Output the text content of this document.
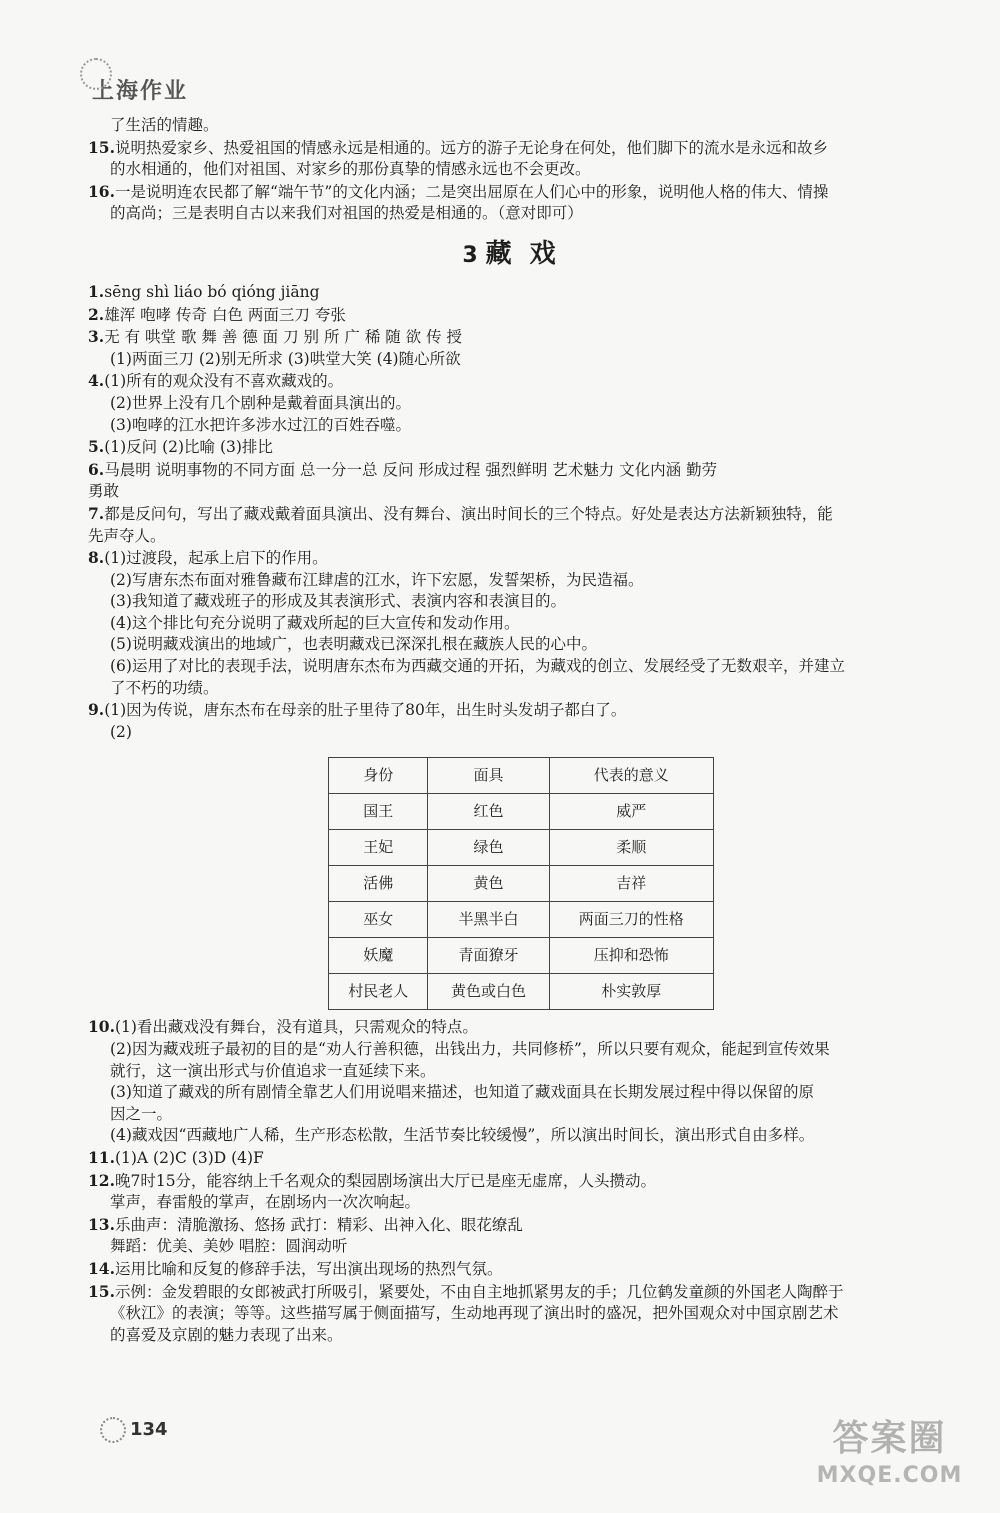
上海作业
了生活的情趣。
15.说明热爱家乡、热爱祖国的情感永远是相通的。远方的游子无论身在何处，他们脚下的流水是永远和故乡
的水相通的，他们对祖国、对家乡的那份真挚的情感永远也不会更改。
16.一是说明连农民都了解“端午节”的文化内涵；二是突出屈原在人们心中的形象，说明他人格的伟大、情操
的高尚；三是表明自古以来我们对祖国的热爱是相通的。（意对即可）
3 藏戏
1.sēng shì liáo bó qióng jiāng
2.雄浑 咆哮 传奇 白色 两面三刀 夸张
3.无 有 哄堂 歌 舞 善 德 面 刀 别 所 广 稀 随 欲 传 授
(1)两面三刀 (2)别无所求 (3)哄堂大笑 (4)随心所欲
4.(1)所有的观众没有不喜欢藏戏的。
(2)世界上没有几个剧种是戴着面具演出的。
(3)咆哮的江水把许多涉水过江的百姓吞噬。
5.(1)反问 (2)比喻 (3)排比
6.马晨明 说明事物的不同方面 总一分一总 反问 形成过程 强烈鲜明 艺术魅力 文化内涵 勤劳
勇敢
7.都是反问句，写出了藏戏戴着面具演出、没有舞台、演出时间长的三个特点。好处是表达方法新颖独特，能
先声夺人。
8.(1)过渡段，起承上启下的作用。
(2)写唐东杰布面对雅鲁藏布江肆虐的江水，许下宏愿，发誓架桥，为民造福。
(3)我知道了藏戏班子的形成及其表演形式、表演内容和表演目的。
(4)这个排比句充分说明了藏戏所起的巨大宣传和发动作用。
(5)说明藏戏演出的地域广，也表明藏戏已深深扎根在藏族人民的心中。
(6)运用了对比的表现手法，说明唐东杰布为西藏交通的开拓，为藏戏的创立、发展经受了无数艰辛，并建立
了不朽的功绩。
9.(1)因为传说，唐东杰布在母亲的肚子里待了80年，出生时头发胡子都白了。
(2)
身份	面具	代表的意义
国王	红色	威严
王妃	绿色	柔顺
活佛	黄色	吉祥
巫女	半黑半白	两面三刀的性格
妖魔	青面獠牙	压抑和恐怖
村民老人	黄色或白色	朴实敦厚
10.(1)看出藏戏没有舞台，没有道具，只需观众的特点。
(2)因为藏戏班子最初的目的是“劝人行善积德，出钱出力，共同修桥”，所以只要有观众，能起到宣传效果
就行，这一演出形式与价值追求一直延续下来。
(3)知道了藏戏的所有剧情全靠艺人们用说唱来描述，也知道了藏戏面具在长期发展过程中得以保留的原
因之一。
(4)藏戏因“西藏地广人稀，生产形态松散，生活节奏比较缓慢”，所以演出时间长，演出形式自由多样。
11.(1)A (2)C (3)D (4)F
12.晚7时15分，能容纳上千名观众的梨园剧场演出大厅已是座无虚席，人头攒动。
掌声，春雷般的掌声，在剧场内一次次响起。
13.乐曲声：清脆激扬、悠扬 武打：精彩、出神入化、眼花缭乱
舞蹈：优美、美妙 唱腔：圆润动听
14.运用比喻和反复的修辞手法，写出演出现场的热烈气氛。
15.示例：金发碧眼的女郎被武打所吸引，紧要处，不由自主地抓紧男友的手；几位鹤发童颜的外国老人陶醉于
《秋江》的表演；等等。这些描写属于侧面描写，生动地再现了演出时的盛况，把外国观众对中国京剧艺术
的喜爱及京剧的魅力表现了出来。
134	答案圈
MXQE.COM
